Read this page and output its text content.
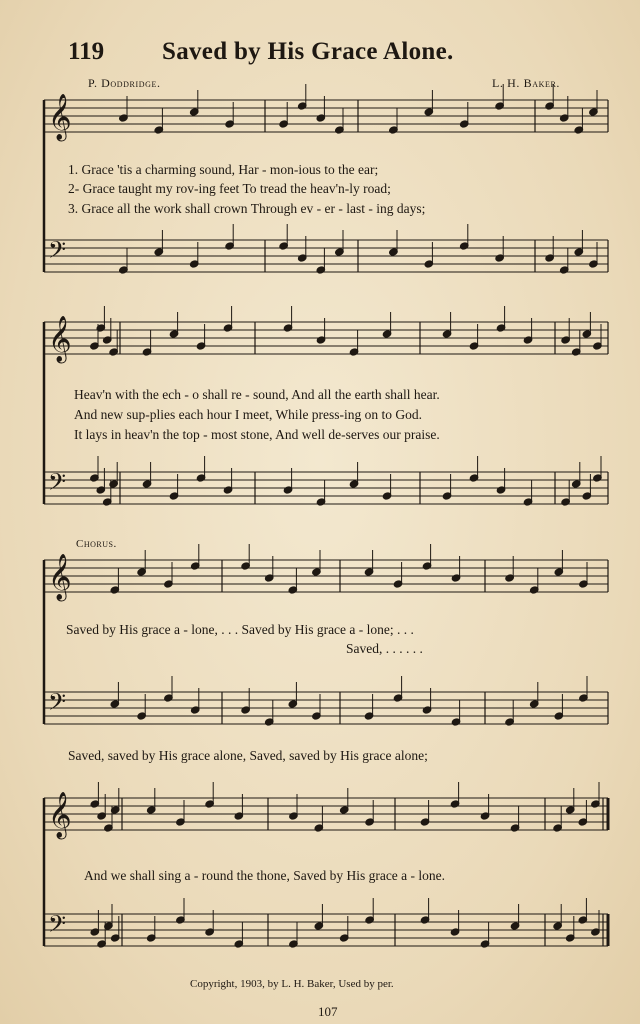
119 Saved by His Grace Alone.
P. Doddridge.	L. H. Baker.
𝄞
𝄢
𝄞
𝄢
𝄞
𝄢
𝄞
𝄢
1. Grace 'tis a charming sound, Har - mon-ious to the ear;
2- Grace taught my rov-ing feet To tread the heav'n-ly road;
3. Grace all the work shall crown Through ev - er - last - ing days;
Heav'n with the ech - o shall re - sound, And all the earth shall hear.
And new sup-plies each hour I meet, While press-ing on to God.
It lays in heav'n the top - most stone, And well de-serves our praise.
Chorus.
Saved by His grace a - lone, . . . Saved by His grace a - lone; . . .
Saved, . . . . . .
Saved, saved by His grace alone, Saved, saved by His grace alone;
And we shall sing a - round the thone, Saved by His grace a - lone.
Copyright, 1903, by L. H. Baker, Used by per.
107
